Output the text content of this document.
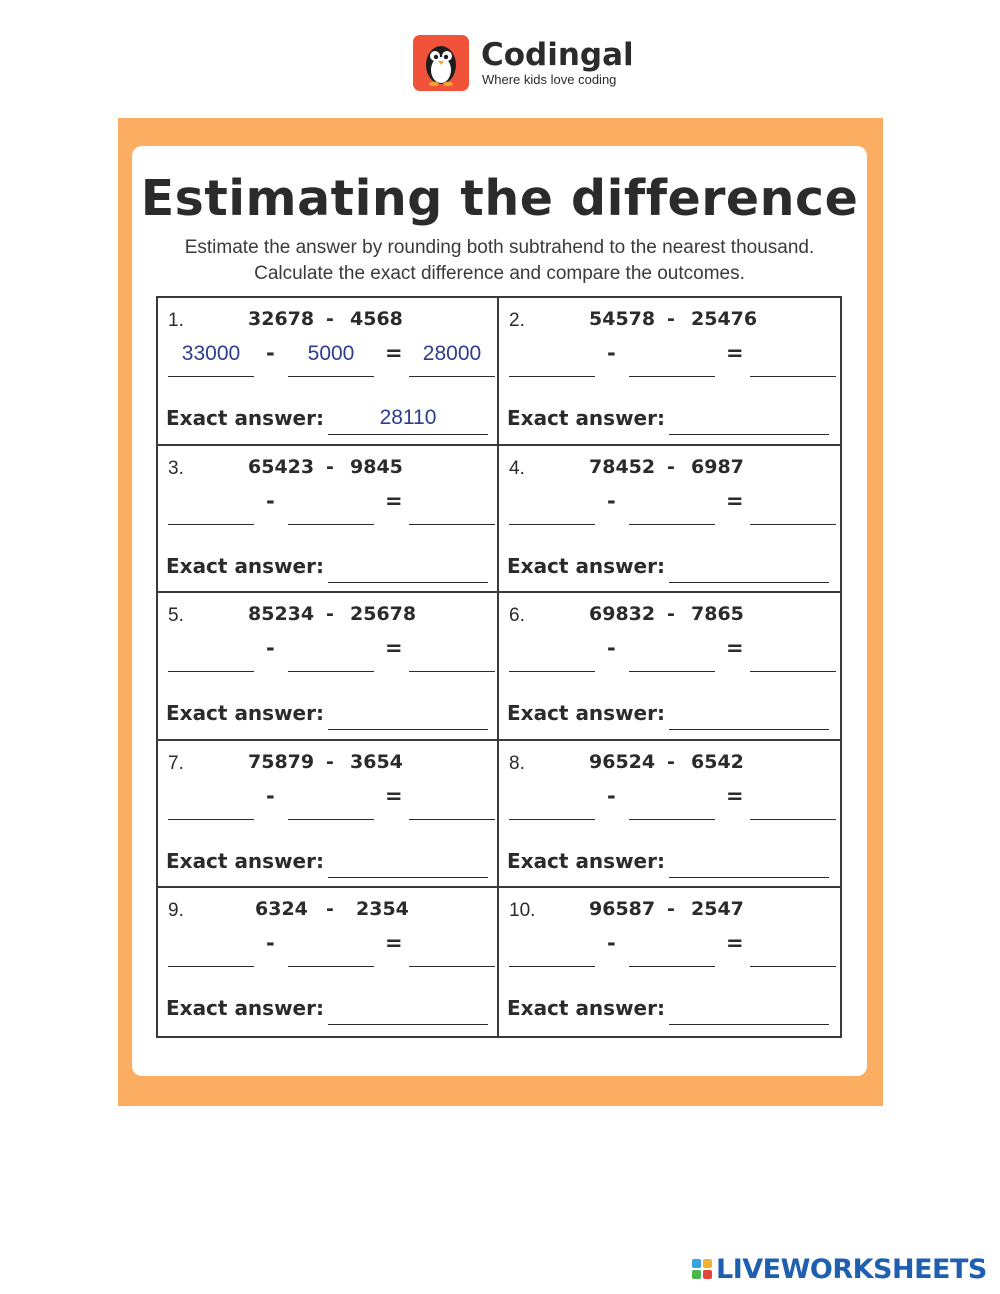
Codingal
Where kids love coding
Estimating the difference
Estimate the answer by rounding both subtrahend to the nearest thousand.
Calculate the exact difference and compare the outcomes.
1.	32678 - 4568
33000	5000	28000
-	=
Exact answer:	28110
2.	54578 - 25476
-	=
Exact answer:
3.	65423 - 9845
-	=
Exact answer:
4.	78452 - 6987
-	=
Exact answer:
5.	85234 - 25678
-	=
Exact answer:
6.	69832 - 7865
-	=
Exact answer:
7.	75879 - 3654
-	=
Exact answer:
8.	96524 - 6542
-	=
Exact answer:
9.	6324 - 2354
-	=
Exact answer:
10.	96587 - 2547
-	=
Exact answer:
LIVEWORKSHEETS
